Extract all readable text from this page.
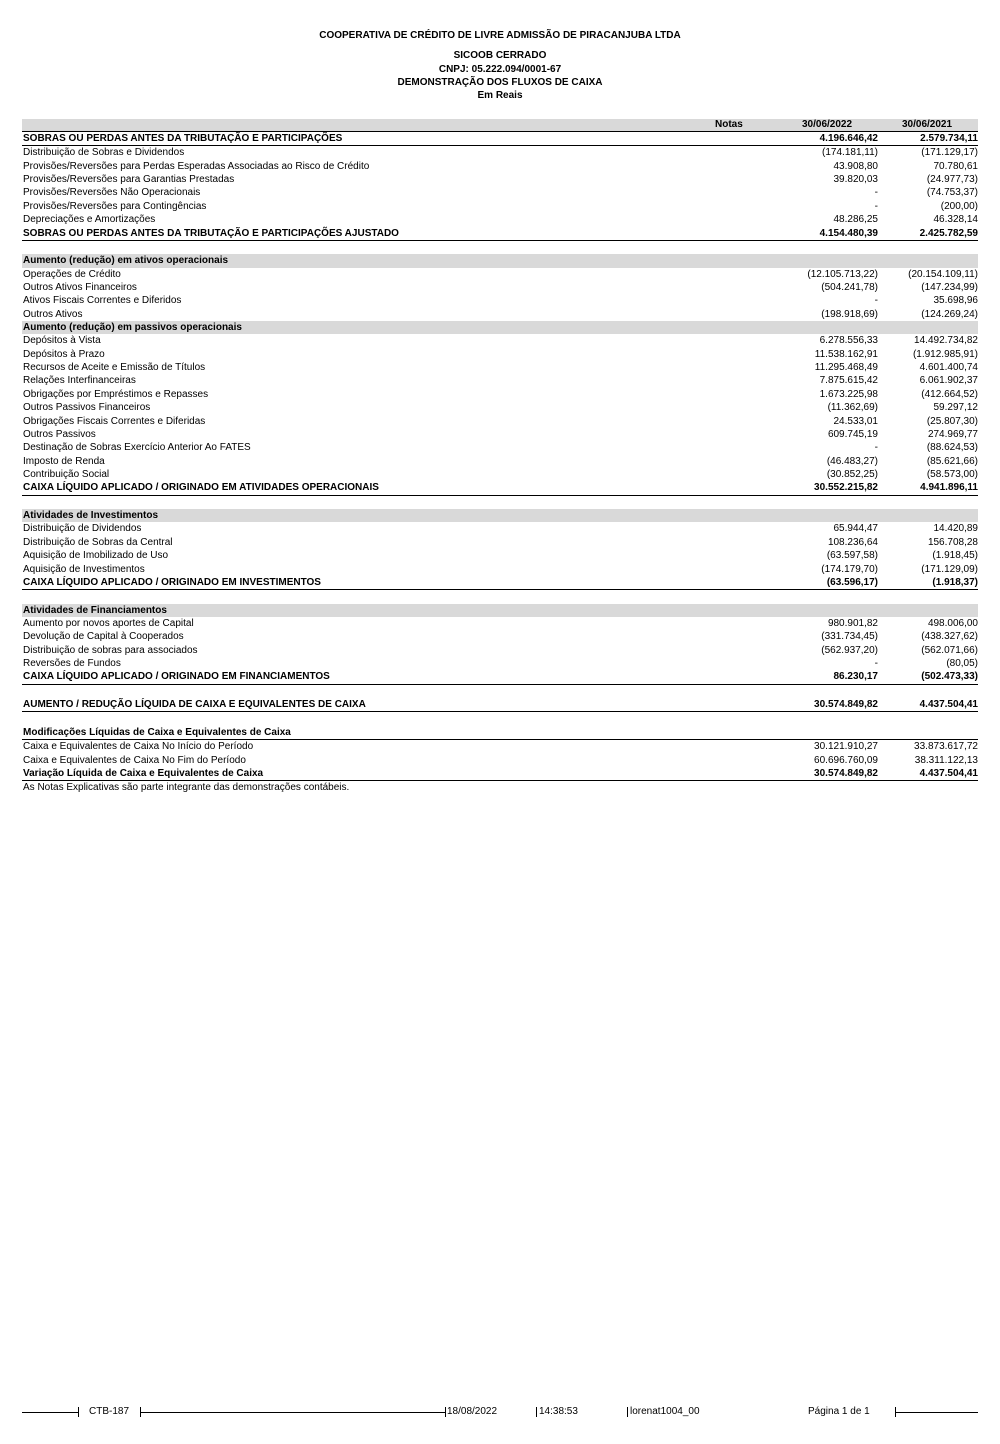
COOPERATIVA DE CRÉDITO DE LIVRE ADMISSÃO DE PIRACANJUBA LTDA
SICOOB CERRADO
CNPJ: 05.222.094/0001-67
DEMONSTRAÇÃO DOS FLUXOS DE CAIXA
Em Reais
Notas	30/06/2022	30/06/2021
SOBRAS OU PERDAS ANTES DA TRIBUTAÇÃO E PARTICIPAÇÕES	4.196.646,42	2.579.734,11
Distribuição de Sobras e Dividendos	(174.181,11)	(171.129,17)
Provisões/Reversões para Perdas Esperadas Associadas ao Risco de Crédito	43.908,80	70.780,61
Provisões/Reversões para Garantias Prestadas	39.820,03	(24.977,73)
Provisões/Reversões Não Operacionais	-	(74.753,37)
Provisões/Reversões para Contingências	-	(200,00)
Depreciações e Amortizações	48.286,25	46.328,14
SOBRAS OU PERDAS ANTES DA TRIBUTAÇÃO E PARTICIPAÇÕES AJUSTADO	4.154.480,39	2.425.782,59
Aumento (redução) em ativos operacionais
Operações de Crédito	(12.105.713,22)	(20.154.109,11)
Outros Ativos Financeiros	(504.241,78)	(147.234,99)
Ativos Fiscais Correntes e Diferidos	-	35.698,96
Outros Ativos	(198.918,69)	(124.269,24)
Aumento (redução) em passivos operacionais
Depósitos à Vista	6.278.556,33	14.492.734,82
Depósitos à Prazo	11.538.162,91	(1.912.985,91)
Recursos de Aceite e Emissão de Títulos	11.295.468,49	4.601.400,74
Relações Interfinanceiras	7.875.615,42	6.061.902,37
Obrigações por Empréstimos e Repasses	1.673.225,98	(412.664,52)
Outros Passivos Financeiros	(11.362,69)	59.297,12
Obrigações Fiscais Correntes e Diferidas	24.533,01	(25.807,30)
Outros Passivos	609.745,19	274.969,77
Destinação de Sobras Exercício Anterior Ao FATES	-	(88.624,53)
Imposto de Renda	(46.483,27)	(85.621,66)
Contribuição Social	(30.852,25)	(58.573,00)
CAIXA LÍQUIDO APLICADO / ORIGINADO EM ATIVIDADES OPERACIONAIS	30.552.215,82	4.941.896,11
Atividades de Investimentos
Distribuição de Dividendos	65.944,47	14.420,89
Distribuição de Sobras da Central	108.236,64	156.708,28
Aquisição de Imobilizado de Uso	(63.597,58)	(1.918,45)
Aquisição de Investimentos	(174.179,70)	(171.129,09)
CAIXA LÍQUIDO APLICADO / ORIGINADO EM INVESTIMENTOS	(63.596,17)	(1.918,37)
Atividades de Financiamentos
Aumento por novos aportes de Capital	980.901,82	498.006,00
Devolução de Capital à Cooperados	(331.734,45)	(438.327,62)
Distribuição de sobras para associados	(562.937,20)	(562.071,66)
Reversões de Fundos	-	(80,05)
CAIXA LÍQUIDO APLICADO / ORIGINADO EM FINANCIAMENTOS	86.230,17	(502.473,33)
AUMENTO / REDUÇÃO LÍQUIDA DE CAIXA E EQUIVALENTES DE CAIXA	30.574.849,82	4.437.504,41
Modificações Líquidas de Caixa e Equivalentes de Caixa
Caixa e Equivalentes de Caixa No Início do Período	30.121.910,27	33.873.617,72
Caixa e Equivalentes de Caixa No Fim do Período	60.696.760,09	38.311.122,13
Variação Líquida de Caixa e Equivalentes de Caixa	30.574.849,82	4.437.504,41
As Notas Explicativas são parte integrante das demonstrações contábeis.
CTB-187	18/08/2022	14:38:53	lorenat1004_00	Página 1 de 1
